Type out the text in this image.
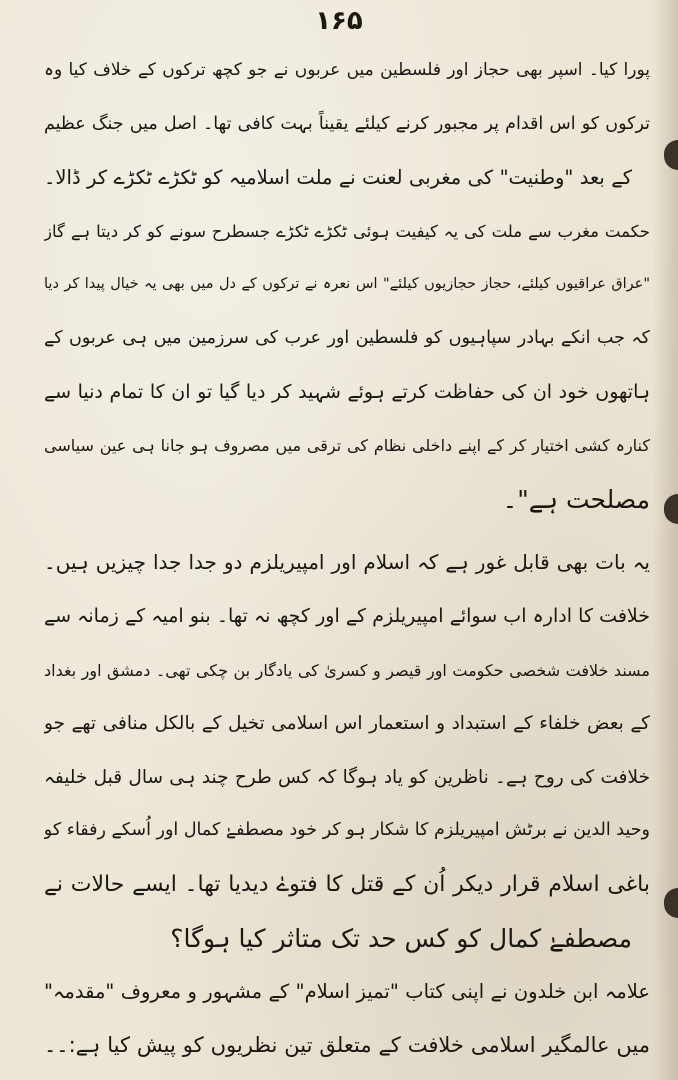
۱۶۵
پورا کیا۔ اسپر بھی حجاز اور فلسطین میں عربوں نے جو کچھ ترکوں کے خلاف کیا وہ
ترکوں کو اس اقدام پر مجبور کرنے کیلئے یقیناً بہت کافی تھا۔ اصل میں جنگ عظیم
کے بعد "وطنیت" کی مغربی لعنت نے ملت اسلامیہ کو ٹکڑے ٹکڑے کر ڈالا۔
حکمت مغرب سے ملت کی یہ کیفیت ہوئی ٹکڑے ٹکڑے جسطرح سونے کو کر دیتا ہے گاز
"عراق عراقیوں کیلئے، حجاز حجازیوں کیلئے" اس نعرہ نے ترکوں کے دل میں بھی یہ خیال پیدا کر دیا
کہ جب انکے بہادر سپاہیوں کو فلسطین اور عرب کی سرزمین میں ہی عربوں کے
ہاتھوں خود ان کی حفاظت کرتے ہوئے شہید کر دیا گیا تو ان کا تمام دنیا سے
کنارہ کشی اختیار کر کے اپنے داخلی نظام کی ترقی میں مصروف ہو جانا ہی عین سیاسی
مصلحت ہے"۔
یہ بات بھی قابل غور ہے کہ اسلام اور امپیریلزم دو جدا جدا چیزیں ہیں۔
خلافت کا ادارہ اب سوائے امپیریلزم کے اور کچھ نہ تھا۔ بنو امیہ کے زمانہ سے
مسند خلافت شخصی حکومت اور قیصر و کسریٰ کی یادگار بن چکی تھی۔ دمشق اور بغداد
کے بعض خلفاء کے استبداد و استعمار اس اسلامی تخیل کے بالکل منافی تھے جو
خلافت کی روح ہے۔ ناظرین کو یاد ہوگا کہ کس طرح چند ہی سال قبل خلیفہ
وحید الدین نے برٹش امپیریلزم کا شکار ہو کر خود مصطفےٰ کمال اور اُسکے رفقاء کو
باغی اسلام قرار دیکر اُن کے قتل کا فتوےٰ دیدیا تھا۔ ایسے حالات نے
مصطفےٰ کمال کو کس حد تک متاثر کیا ہوگا؟
علامہ ابن خلدون نے اپنی کتاب "تمیز اسلام" کے مشہور و معروف "مقدمہ"
میں عالمگیر اسلامی خلافت کے متعلق تین نظریوں کو پیش کیا ہے:۔۔
